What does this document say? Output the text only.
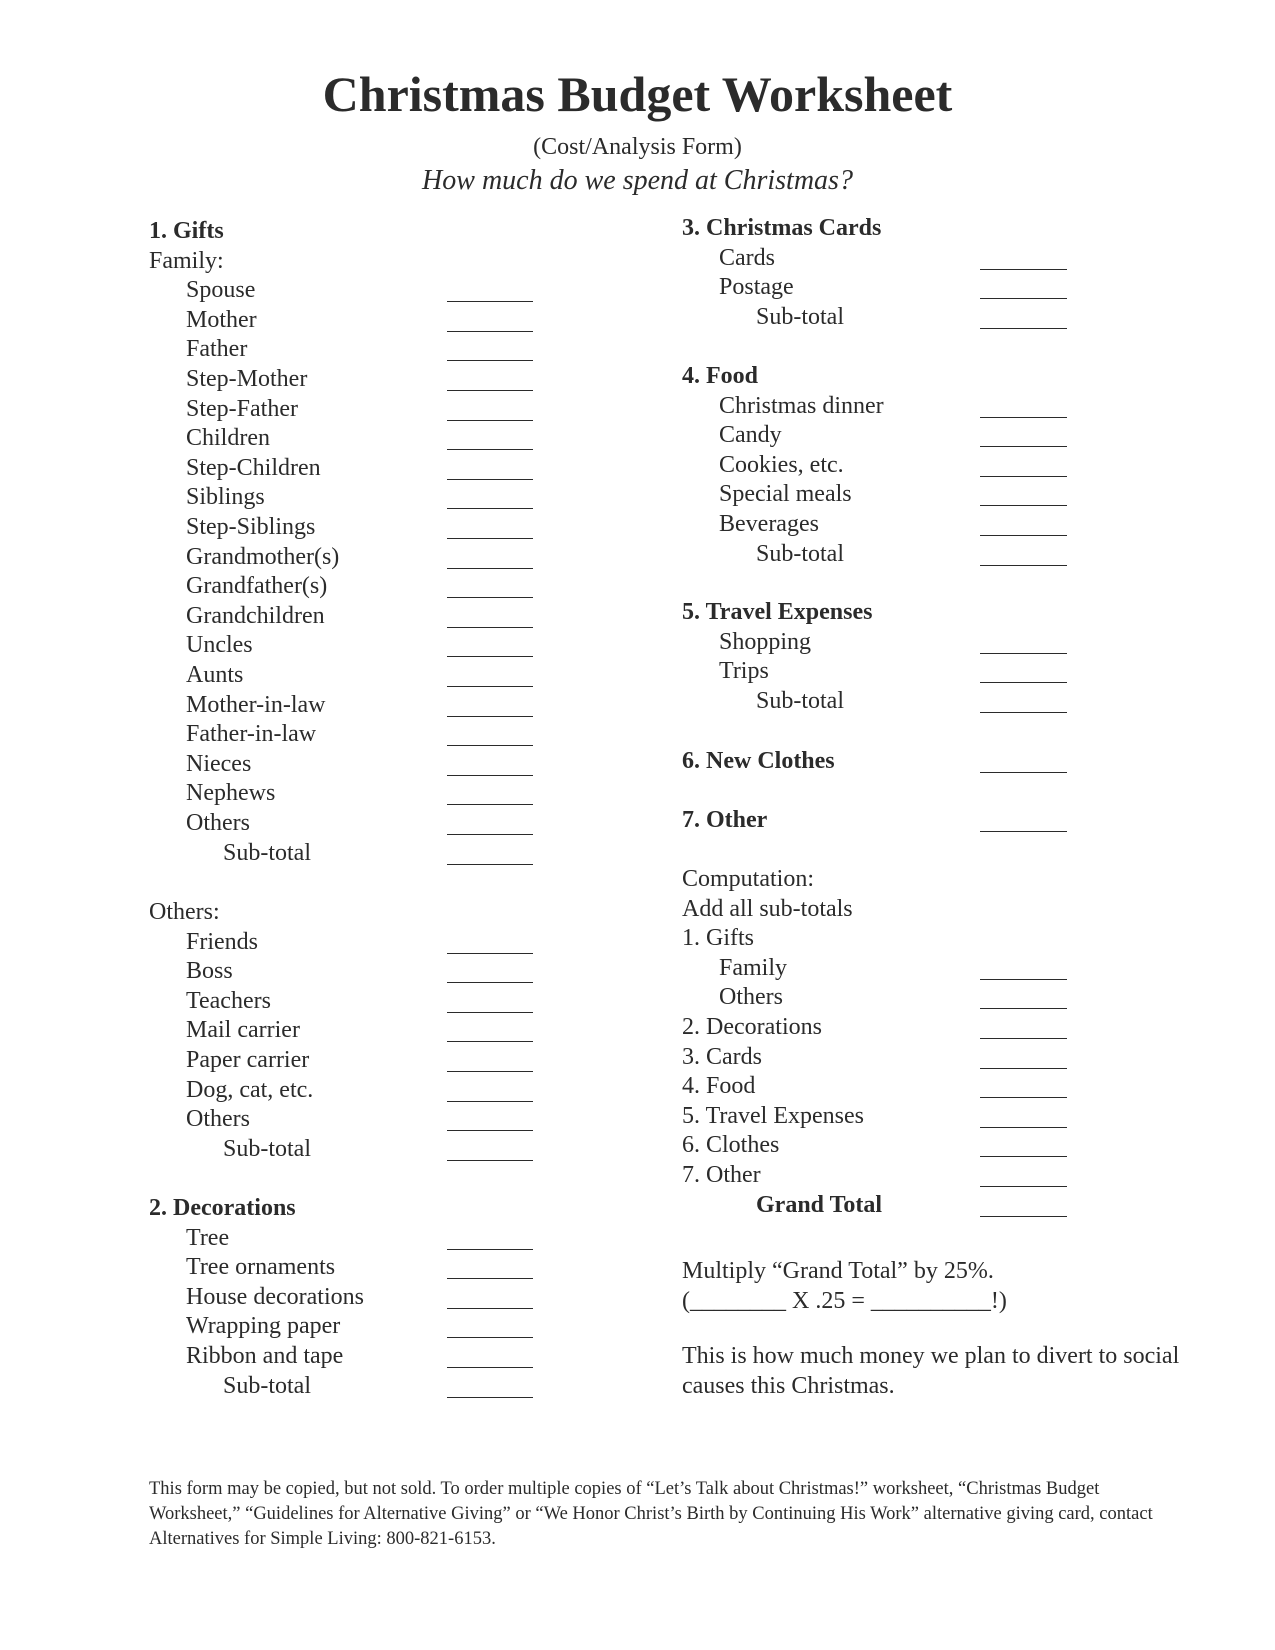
Christmas Budget Worksheet
(Cost/Analysis Form)
How much do we spend at Christmas?
1. Gifts
Family:
Spouse
Mother
Father
Step-Mother
Step-Father
Children
Step-Children
Siblings
Step-Siblings
Grandmother(s)
Grandfather(s)
Grandchildren
Uncles
Aunts
Mother-in-law
Father-in-law
Nieces
Nephews
Others
Sub-total
Others:
Friends
Boss
Teachers
Mail carrier
Paper carrier
Dog, cat, etc.
Others
Sub-total
2. Decorations
Tree
Tree ornaments
House decorations
Wrapping paper
Ribbon and tape
Sub-total
Multiply “Grand Total” by 25%.
(________ X .25 = __________!)
This is how much money we plan to divert to social causes this Christmas.
3. Christmas Cards
Cards
Postage
Sub-total
4. Food
Christmas dinner
Candy
Cookies, etc.
Special meals
Beverages
Sub-total
5. Travel Expenses
Shopping
Trips
Sub-total
6. New Clothes
7. Other
Computation:
Add all sub-totals
1. Gifts
Family
Others
2. Decorations
3. Cards
4. Food
5. Travel Expenses
6. Clothes
7. Other
Grand Total
This form may be copied, but not sold. To order multiple copies of “Let’s Talk about Christmas!” worksheet, “Christmas Budget Worksheet,” “Guidelines for Alternative Giving” or “We Honor Christ’s Birth by Continuing His Work” alternative giving card, contact Alternatives for Simple Living: 800-821-6153.
